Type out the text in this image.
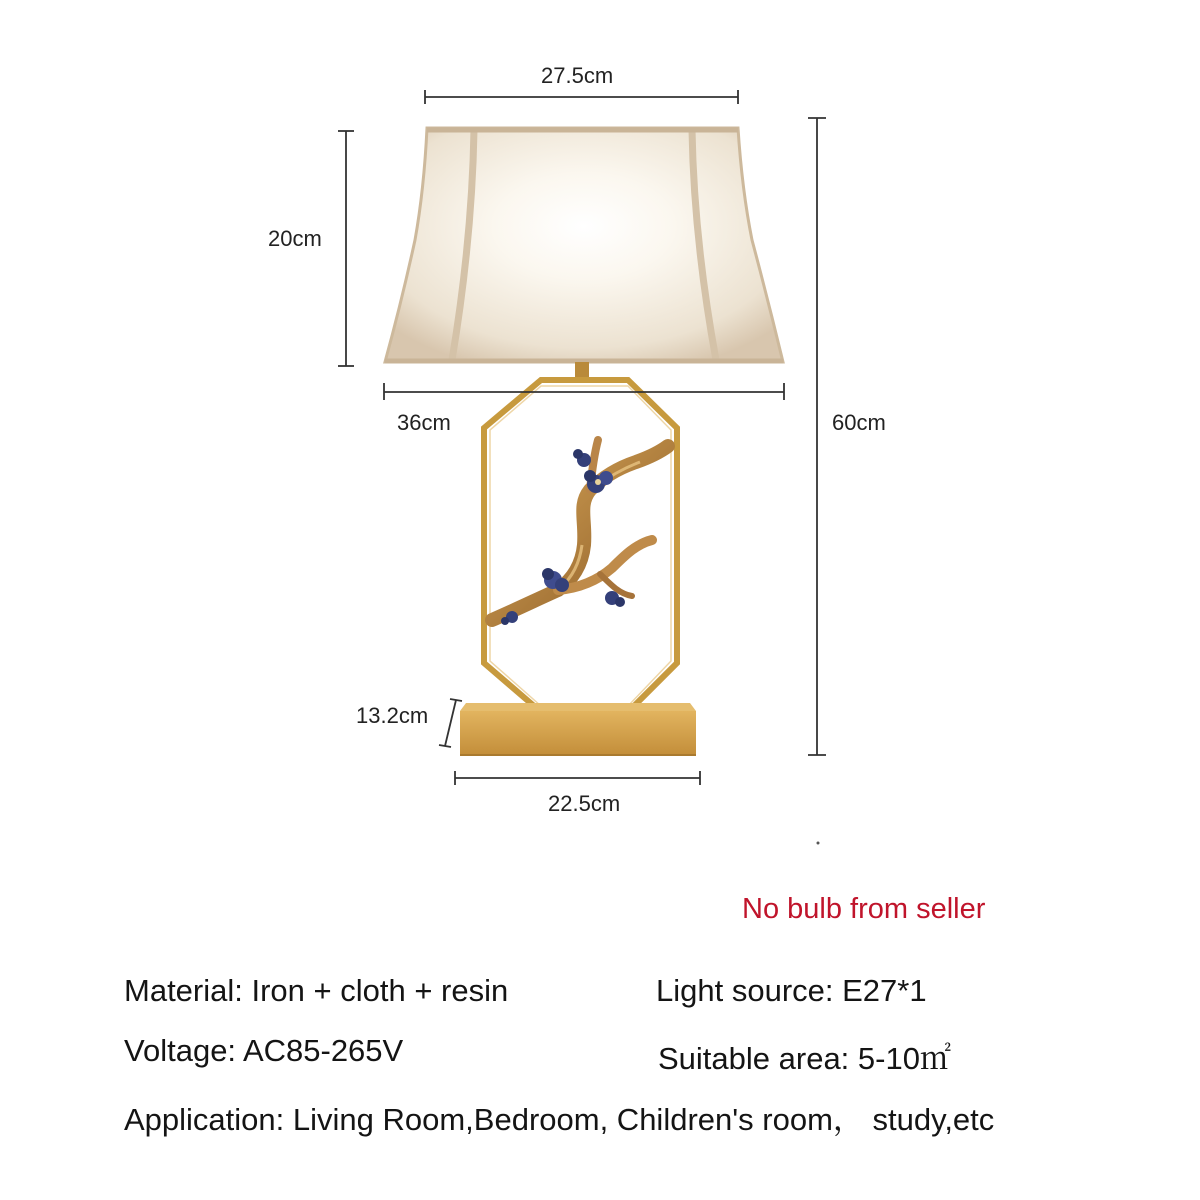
27.5cm
20cm
36cm	60cm
13.2cm
22.5cm
No bulb from seller
Material: Iron + cloth + resin	Light source: E27*1
Voltage: AC85-265V	Suitable area: 5-10㎡
Application: Living Room,Bedroom, Children's room， study,etc
